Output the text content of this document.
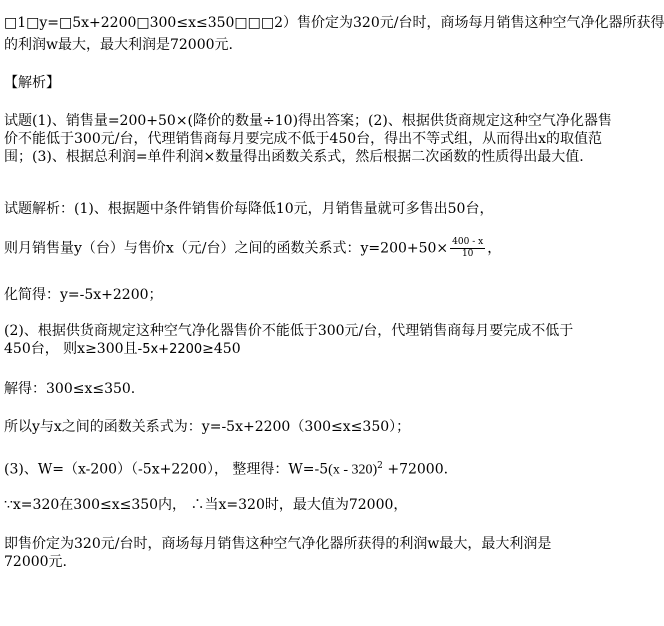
□1□y=□5x+2200□300≤x≤350□□□2）售价定为320元/台时，商场每月销售这种空气净化器所获得
的利润w最大，最大利润是72000元.
【解析】
试题(1)、销售量=200+50×(降价的数量÷10)得出答案；(2)、根据供货商规定这种空气净化器售价不能低于300元/台，代理销售商每月要完成不低于450台，得出不等式组，从而得出x的取值范围；(3)、根据总利润=单件利润×数量得出函数关系式，然后根据二次函数的性质得出最大值.
试题解析：(1)、根据题中条件销售价每降低10元，月销售量就可多售出50台，
则月销售量y（台）与售价x（元/台）之间的函数关系式：$y=200+50\times \frac{400 - x}{10}$ ，
化简得：y=-5x+2200；
(2)、根据供货商规定这种空气净化器售价不能低于300元/台，代理销售商每月要完成不低于
450台， 则x≥300且-5x+2200≥450
解得：300≤x≤350.
所以y与x之间的函数关系式为：y=-5x+2200（300≤x≤350）；
(3)、W=（x-200）（-5x+2200）， 整理得：W=-5(x - 320)$^2$ +72000.
∵x=320在300≤x≤350内， ∴当x=320时，最大值为72000，
即售价定为320元/台时，商场每月销售这种空气净化器所获得的利润w最大，最大利润是
72000元.
